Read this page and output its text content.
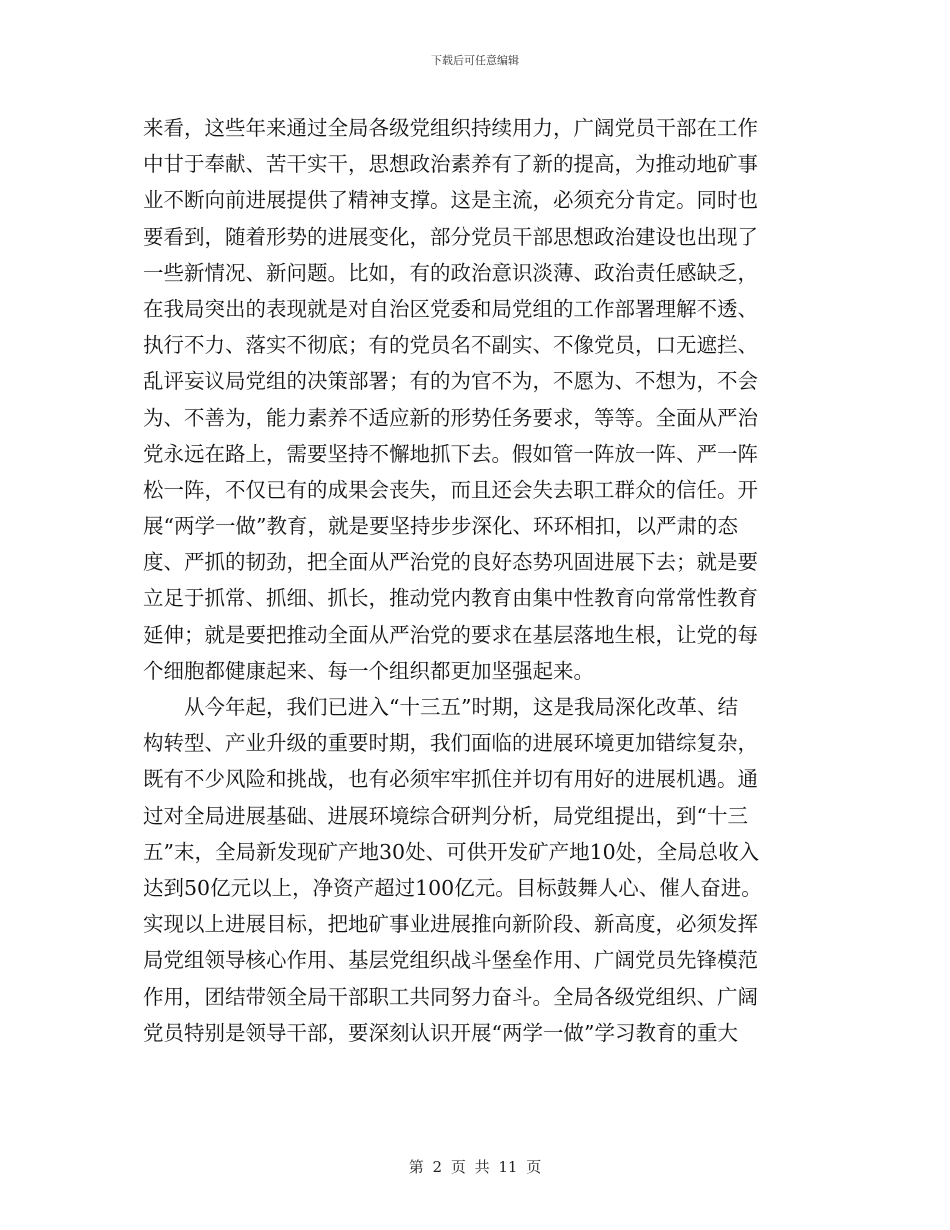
下载后可任意编辑
来看，这些年来通过全局各级党组织持续用力，广阔党员干部在工作
中甘于奉献、苦干实干，思想政治素养有了新的提高，为推动地矿事
业不断向前进展提供了精神支撑。这是主流，必须充分肯定。同时也
要看到，随着形势的进展变化，部分党员干部思想政治建设也出现了
一些新情况、新问题。比如，有的政治意识淡薄、政治责任感缺乏，
在我局突出的表现就是对自治区党委和局党组的工作部署理解不透、
执行不力、落实不彻底；有的党员名不副实、不像党员，口无遮拦、
乱评妄议局党组的决策部署；有的为官不为，不愿为、不想为，不会
为、不善为，能力素养不适应新的形势任务要求，等等。全面从严治
党永远在路上，需要坚持不懈地抓下去。假如管一阵放一阵、严一阵
松一阵，不仅已有的成果会丧失，而且还会失去职工群众的信任。开
展“两学一做”教育，就是要坚持步步深化、环环相扣，以严肃的态
度、严抓的韧劲，把全面从严治党的良好态势巩固进展下去；就是要
立足于抓常、抓细、抓长，推动党内教育由集中性教育向常常性教育
延伸；就是要把推动全面从严治党的要求在基层落地生根，让党的每
个细胞都健康起来、每一个组织都更加坚强起来。
从今年起，我们已进入“十三五”时期，这是我局深化改革、结
构转型、产业升级的重要时期，我们面临的进展环境更加错综复杂，
既有不少风险和挑战，也有必须牢牢抓住并切有用好的进展机遇。通
过对全局进展基础、进展环境综合研判分析，局党组提出，到“十三
五”末，全局新发现矿产地30处、可供开发矿产地10处，全局总收入
达到50亿元以上，净资产超过100亿元。目标鼓舞人心、催人奋进。
实现以上进展目标，把地矿事业进展推向新阶段、新高度，必须发挥
局党组领导核心作用、基层党组织战斗堡垒作用、广阔党员先锋模范
作用，团结带领全局干部职工共同努力奋斗。全局各级党组织、广阔
党员特别是领导干部，要深刻认识开展“两学一做”学习教育的重大
第 2 页 共 11 页
